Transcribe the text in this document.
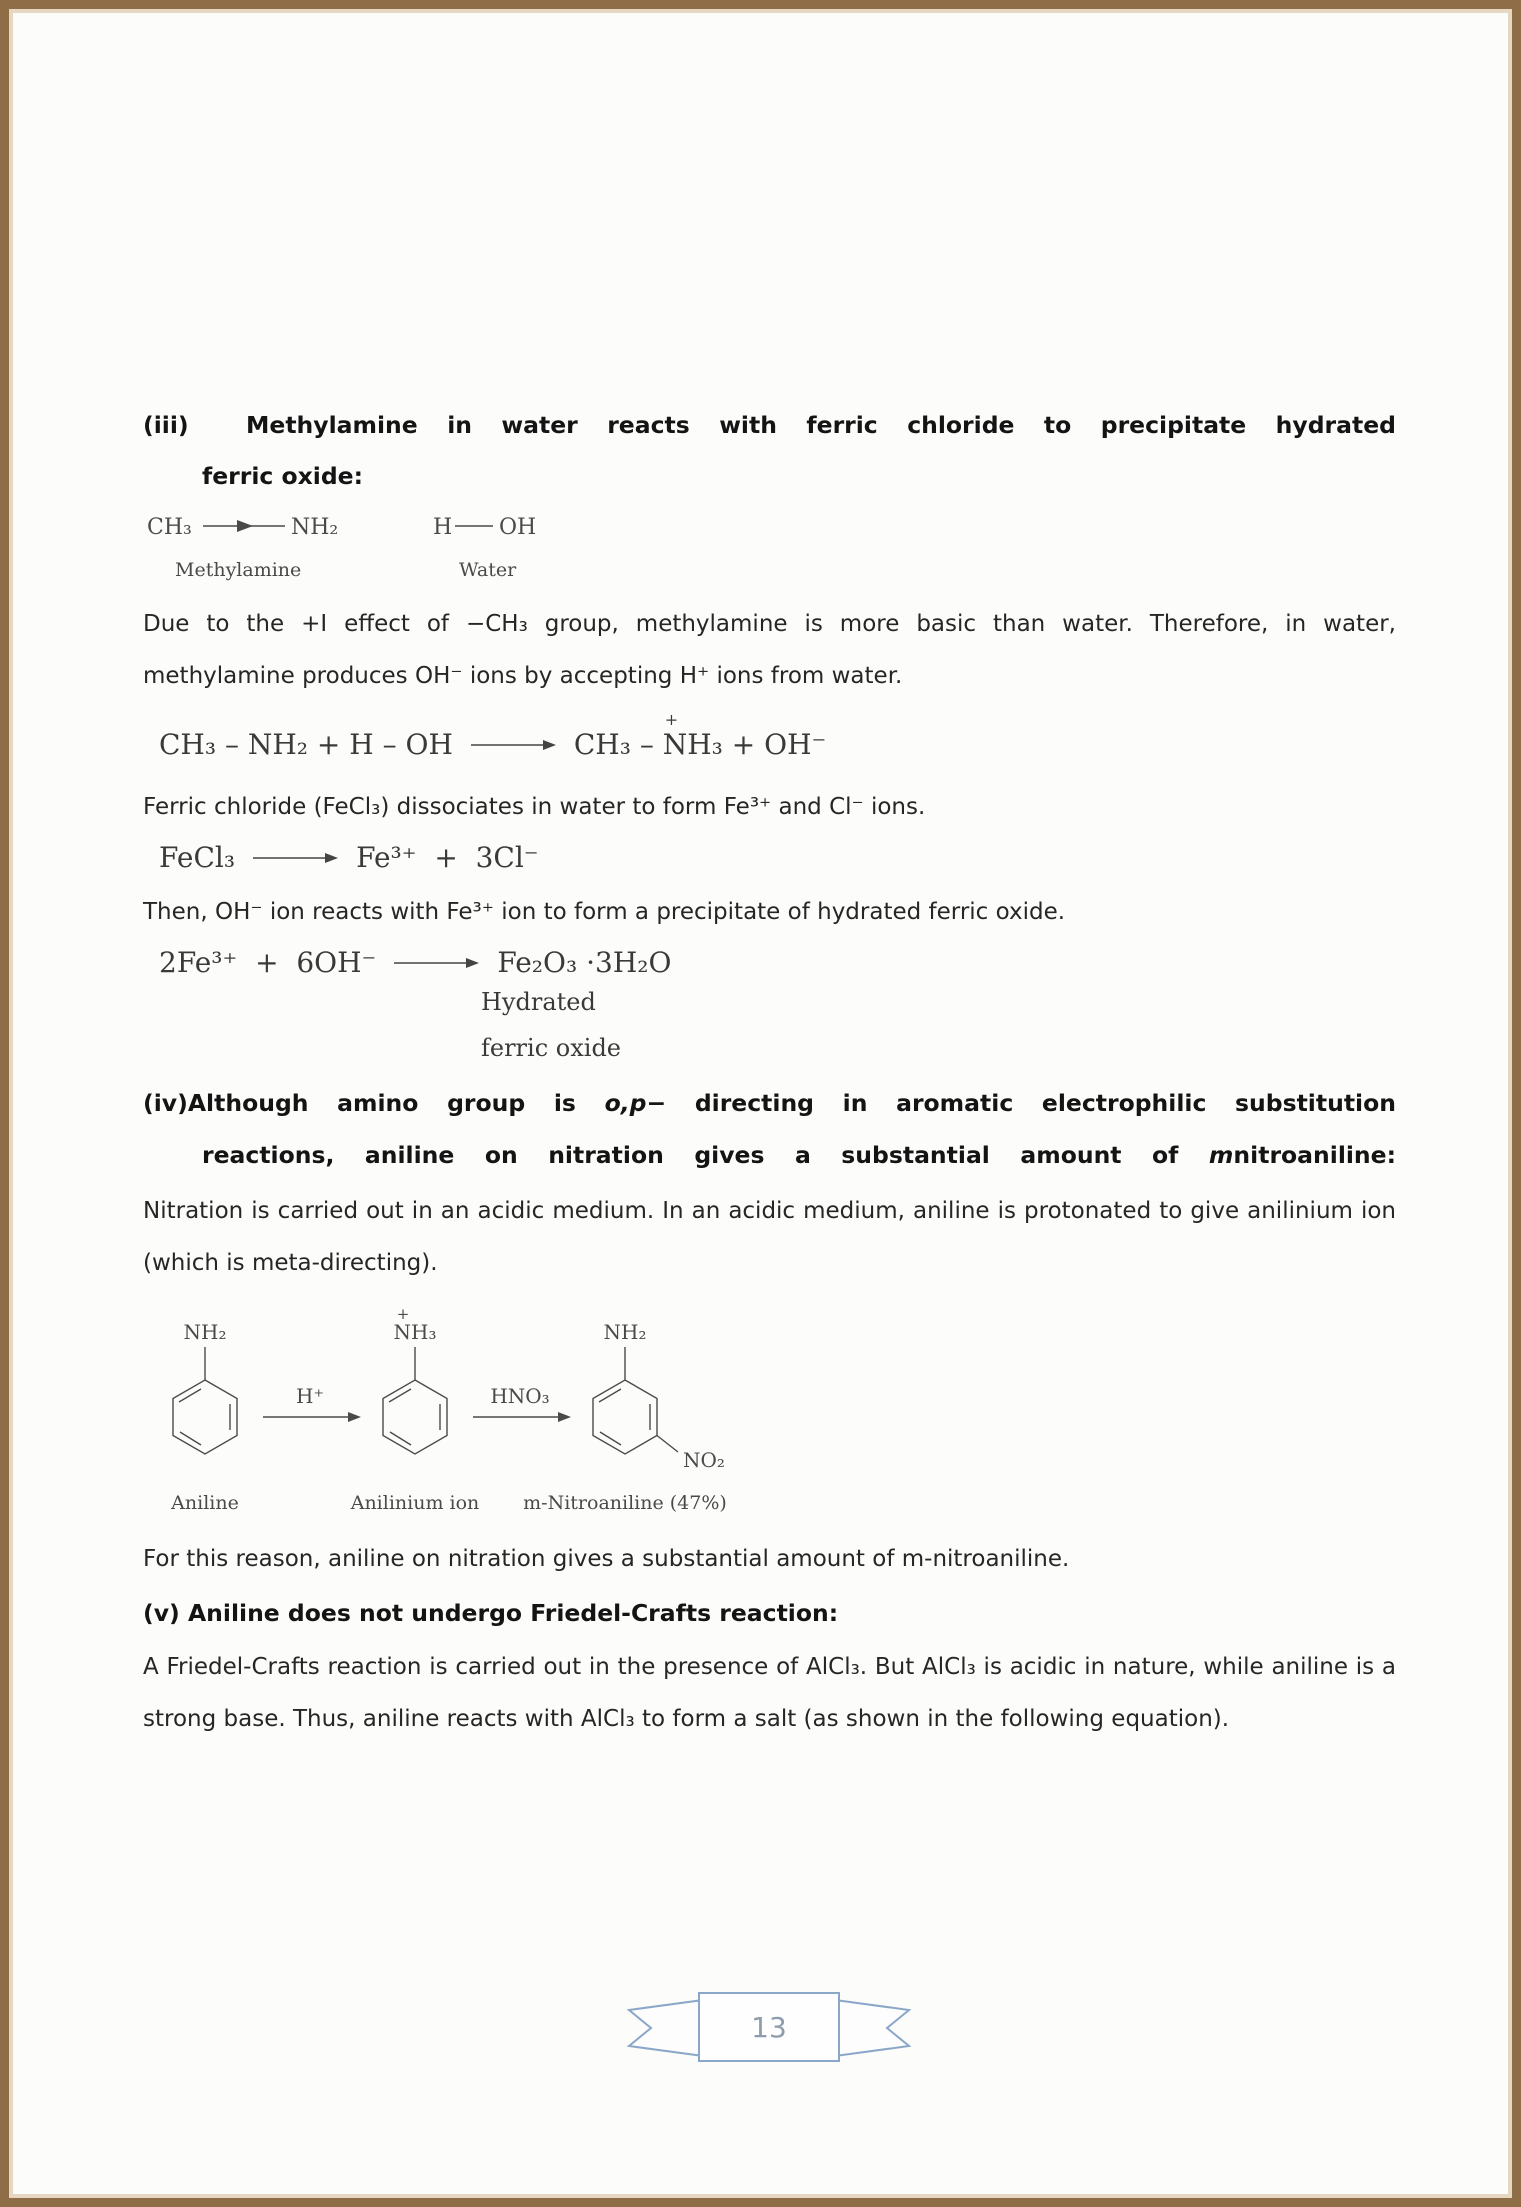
(iii) Methylamine in water reacts with ferric chloride to precipitate hydrated
ferric oxide:
CH₃	NH₂	H OH
Methylamine	Water

Due to the +I effect of −CH₃ group, methylamine is more basic than water. Therefore, in water, methylamine produces OH⁻ ions by accepting H⁺ ions from water.

CH₃ – NH₂ + H – OH → CH₃ –
+
N H₃ + OH⁻

Ferric chloride (FeCl₃) dissociates in water to form Fe³⁺ and Cl⁻ ions.

FeCl₃ → Fe³⁺  +  3Cl⁻

Then, OH⁻ ion reacts with Fe³⁺ ion to form a precipitate of hydrated ferric oxide.

2Fe³⁺  +  6OH⁻ → Fe₂O₃ ·3H₂O
Hydrated
ferric oxide
(iv)Although amino group is o,p− directing in aromatic electrophilic substitution
reactions, aniline on nitration gives a substantial amount of mnitroaniline:

Nitration is carried out in an acidic medium. In an acidic medium, aniline is protonated to give anilinium ion (which is meta-directing).

NH₂
H⁺
+
NH₃
HNO₃
NH₂
NO₂
Aniline	Anilinium ion m-Nitroaniline (47%)

For this reason, aniline on nitration gives a substantial amount of m-nitroaniline.

(v) Aniline does not undergo Friedel-Crafts reaction:

A Friedel-Crafts reaction is carried out in the presence of AlCl₃. But AlCl₃ is acidic in nature, while aniline is a strong base. Thus, aniline reacts with AlCl₃ to form a salt (as shown in the following equation).

13
